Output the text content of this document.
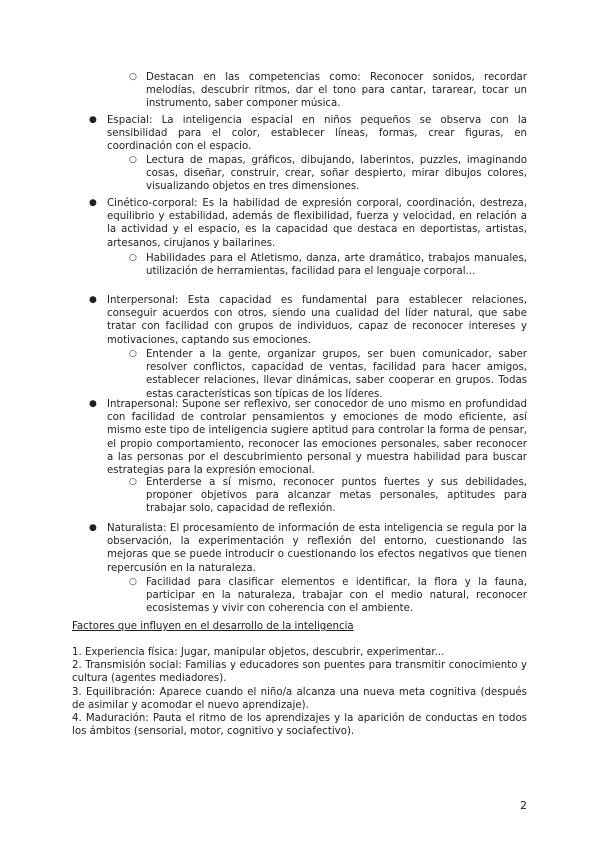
○ Destacan en las competencias como: Reconocer sonidos, recordar melodías, descubrir ritmos, dar el tono para cantar, tararear, tocar un instrumento, saber componer música.

● Espacial: La inteligencia espacial en niños pequeños se observa con la sensibilidad para el color, establecer líneas, formas, crear figuras, en coordinación con el espacio.

○ Lectura de mapas, gráficos, dibujando, laberintos, puzzles, imaginando cosas, diseñar, construir, crear, soñar despierto, mirar dibujos colores, visualizando objetos en tres dimensiones.

● Cinético-corporal: Es la habilidad de expresión corporal, coordinación, destreza, equilibrio y estabilidad, además de flexibilidad, fuerza y velocidad, en relación a la actividad y el espacio, es la capacidad que destaca en deportistas, artistas, artesanos, cirujanos y bailarines.

○ Habilidades para el Atletismo, danza, arte dramático, trabajos manuales, utilización de herramientas, facilidad para el lenguaje corporal...

● Interpersonal: Esta capacidad es fundamental para establecer relaciones, conseguir acuerdos con otros, siendo una cualidad del líder natural, que sabe tratar con facilidad con grupos de individuos, capaz de reconocer intereses y motivaciones, captando sus emociones.

○ Entender a la gente, organizar grupos, ser buen comunicador, saber resolver conflictos, capacidad de ventas, facilidad para hacer amigos, establecer relaciones, llevar dinámicas, saber cooperar en grupos. Todas estas características son típicas de los líderes.

● Intrapersonal: Supone ser reflexivo, ser conocedor de uno mismo en profundidad con facilidad de controlar pensamientos y emociones de modo eficiente, así mismo este tipo de inteligencia sugiere aptitud para controlar la forma de pensar, el propio comportamiento, reconocer las emociones personales, saber reconocer a las personas por el descubrimiento personal y muestra habilidad para buscar estrategias para la expresión emocional.

○ Enterderse a sí mismo, reconocer puntos fuertes y sus debilidades, proponer objetivos para alcanzar metas personales, aptitudes para trabajar solo, capacidad de reflexión.

● Naturalista: El procesamiento de información de esta inteligencia se regula por la observación, la experimentación y reflexión del entorno, cuestionando las mejoras que se puede introducir o cuestionando los efectos negativos que tienen repercusión en la naturaleza.

○ Facilidad para clasificar elementos e identificar, la flora y la fauna, participar en la naturaleza, trabajar con el medio natural, reconocer ecosistemas y vivir con coherencia con el ambiente.

Factores que influyen en el desarrollo de la inteligencia

1. Experiencia física: Jugar, manipular objetos, descubrir, experimentar...

2. Transmisión social: Familias y educadores son puentes para transmitir conocimiento y cultura (agentes mediadores).

3. Equilibración: Aparece cuando el niño/a alcanza una nueva meta cognitiva (después de asimilar y acomodar el nuevo aprendizaje).

4. Maduración: Pauta el ritmo de los aprendizajes y la aparición de conductas en todos los ámbitos (sensorial, motor, cognitivo y sociafectivo).

2
